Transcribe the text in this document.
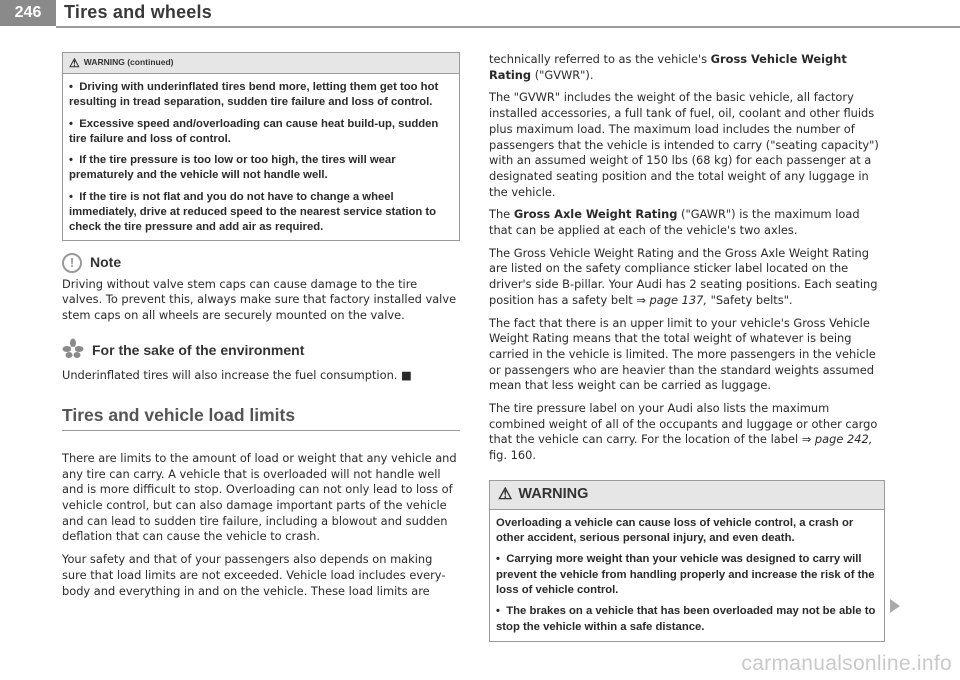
246	Tires and wheels
⚠ WARNING (continued)
•  Driving with underinflated tires bend more, letting them get too hot resulting in tread separation, sudden tire failure and loss of control.
•  Excessive speed and/overloading can cause heat build-up, sudden tire failure and loss of control.
•  If the tire pressure is too low or too high, the tires will wear prematurely and the vehicle will not handle well.
•  If the tire is not flat and you do not have to change a wheel immediately, drive at reduced speed to the nearest service station to check the tire pressure and add air as required.
!	Note

Driving without valve stem caps can cause damage to the tire valves. To prevent this, always make sure that factory installed valve stem caps on all wheels are securely mounted on the valve.

For the sake of the environment

Underinflated tires will also increase the fuel consumption. ■

Tires and vehicle load limits

There are limits to the amount of load or weight that any vehicle and any tire can carry. A vehicle that is overloaded will not handle well and is more difficult to stop. Overloading can not only lead to loss of vehicle control, but can also damage important parts of the vehicle and can lead to sudden tire failure, including a blowout and sudden deflation that can cause the vehicle to crash.

Your safety and that of your passengers also depends on making sure that load limits are not exceeded. Vehicle load includes every-body and everything in and on the vehicle. These load limits are

technically referred to as the vehicle's Gross Vehicle Weight Rating ("GVWR").

The "GVWR" includes the weight of the basic vehicle, all factory installed accessories, a full tank of fuel, oil, coolant and other fluids plus maximum load. The maximum load includes the number of passengers that the vehicle is intended to carry ("seating capacity") with an assumed weight of 150 lbs (68 kg) for each passenger at a designated seating position and the total weight of any luggage in the vehicle.

The Gross Axle Weight Rating ("GAWR") is the maximum load that can be applied at each of the vehicle's two axles.

The Gross Vehicle Weight Rating and the Gross Axle Weight Rating are listed on the safety compliance sticker label located on the driver's side B-pillar. Your Audi has 2 seating positions. Each seating position has a safety belt ⇒ page 137, "Safety belts".

The fact that there is an upper limit to your vehicle's Gross Vehicle Weight Rating means that the total weight of whatever is being carried in the vehicle is limited. The more passengers in the vehicle or passengers who are heavier than the standard weights assumed mean that less weight can be carried as luggage.

The tire pressure label on your Audi also lists the maximum combined weight of all of the occupants and luggage or other cargo that the vehicle can carry. For the location of the label ⇒ page 242, fig. 160.

⚠ WARNING
Overloading a vehicle can cause loss of vehicle control, a crash or other accident, serious personal injury, and even death.
•  Carrying more weight than your vehicle was designed to carry will prevent the vehicle from handling properly and increase the risk of the loss of vehicle control.
•  The brakes on a vehicle that has been overloaded may not be able to stop the vehicle within a safe distance.
carmanualsonline.info
